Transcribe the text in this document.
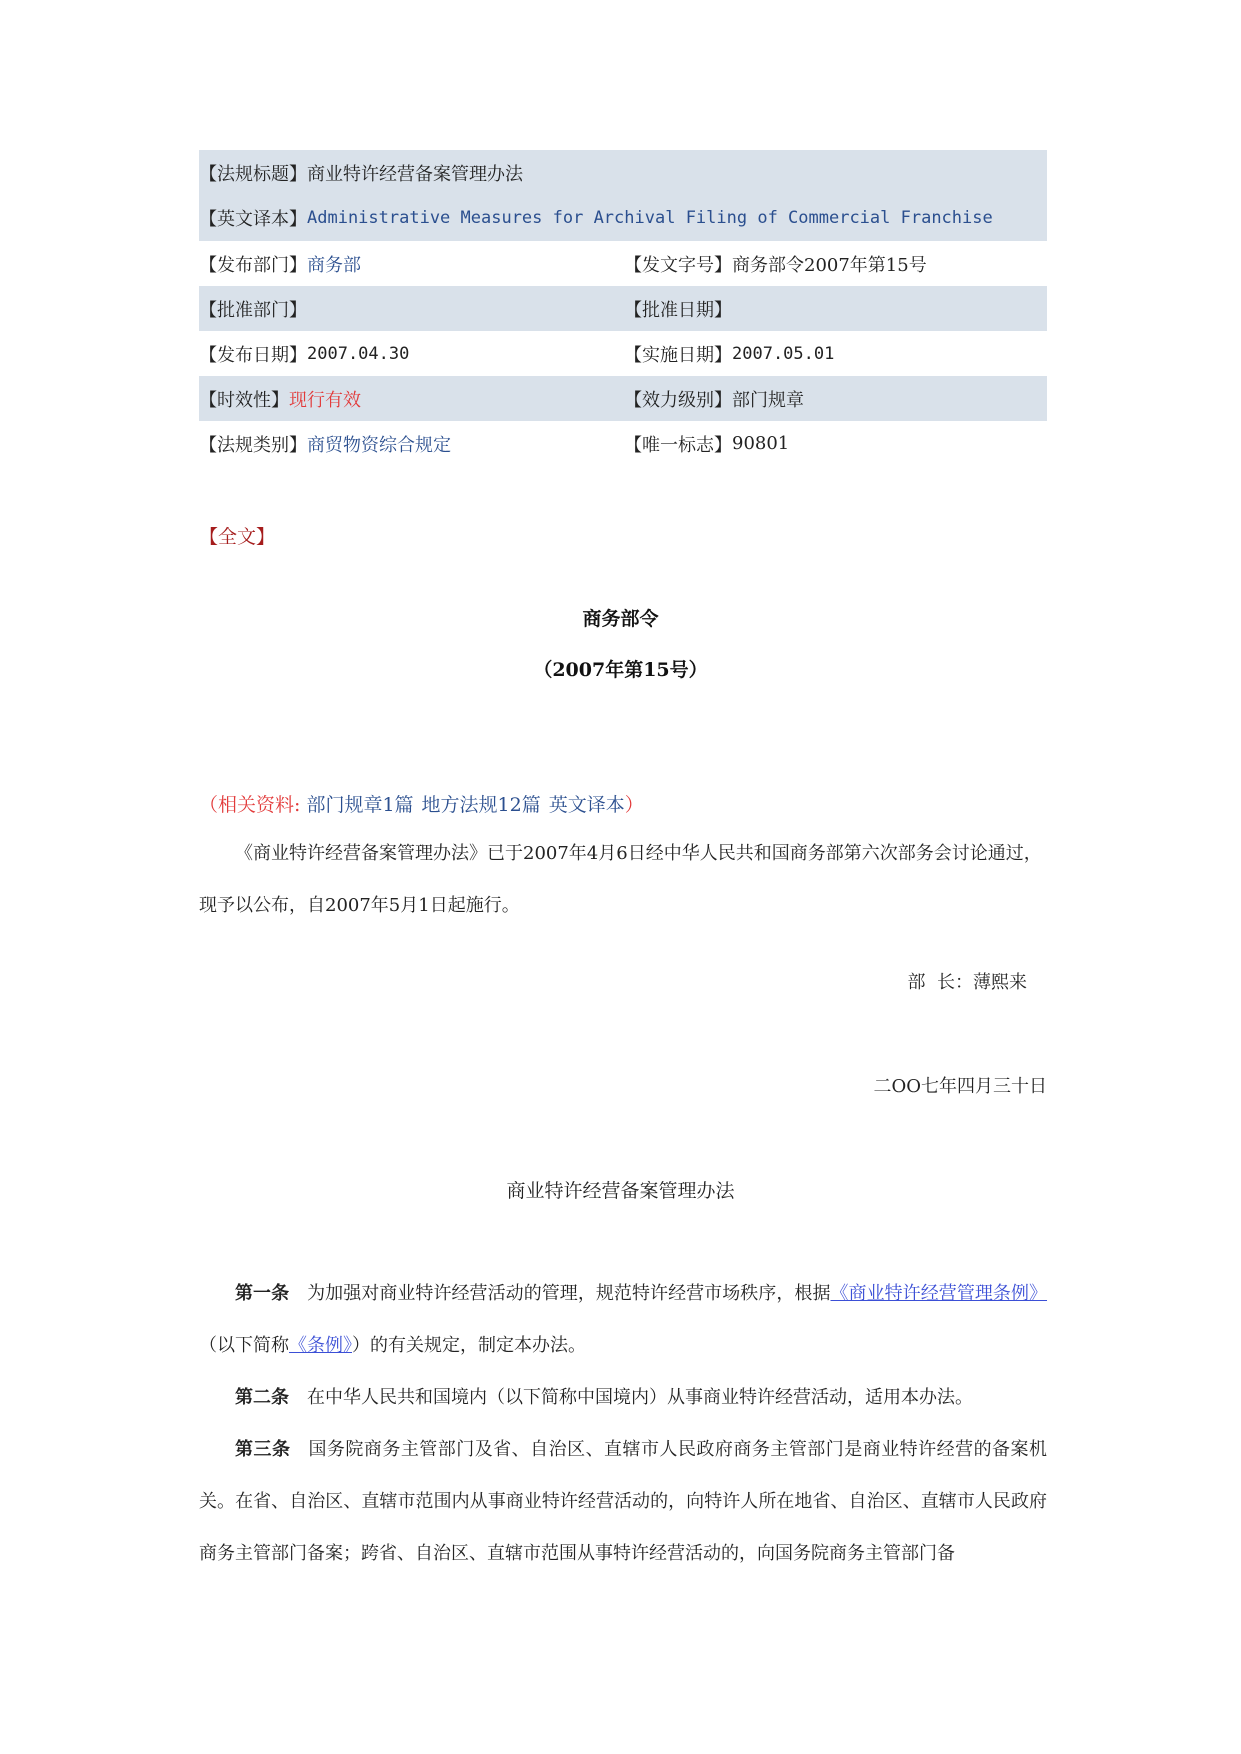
【法规标题】 商业特许经营备案管理办法
【英文译本】 Administrative Measures for Archival Filing of Commercial Franchise
【发布部门】 商务部	【发文字号】 商务部令2007年第15号
【批准部门】	【批准日期】
【发布日期】 2007.04.30	【实施日期】 2007.05.01
【时效性】 现行有效	【效力级别】 部门规章
【法规类别】 商贸物资综合规定	【唯一标志】 90801
【全文】
商务部令
（2007年第15号）
（相关资料: 部门规章1篇 地方法规12篇 英文译本）
《商业特许经营备案管理办法》已于2007年4月6日经中华人民共和国商务部第六次部务会讨论通过，现予以公布，自2007年5月1日起施行。
部  长：薄熙来
二OO七年四月三十日
商业特许经营备案管理办法
第一条 为加强对商业特许经营活动的管理，规范特许经营市场秩序，根据《商业特许经营管理条例》（以下简称《条例》）的有关规定，制定本办法。
第二条 在中华人民共和国境内（以下简称中国境内）从事商业特许经营活动，适用本办法。
第三条 国务院商务主管部门及省、自治区、直辖市人民政府商务主管部门是商业特许经营的备案机关。在省、自治区、直辖市范围内从事商业特许经营活动的，向特许人所在地省、自治区、直辖市人民政府商务主管部门备案；跨省、自治区、直辖市范围从事特许经营活动的，向国务院商务主管部门备
